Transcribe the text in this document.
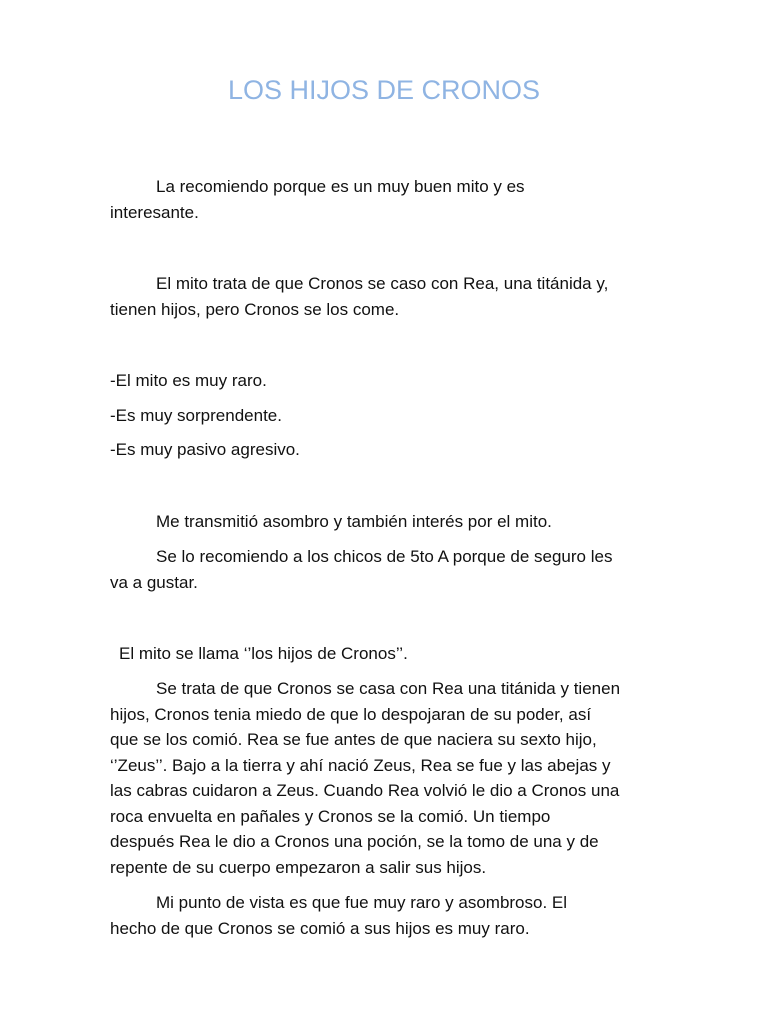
LOS HIJOS DE CRONOS
La recomiendo porque es un muy buen mito y es
interesante.
El mito trata de que Cronos se caso con Rea, una titánida y,
tienen hijos, pero Cronos se los come.
-El mito es muy raro.
-Es muy sorprendente.
-Es muy pasivo agresivo.
Me transmitió asombro y también interés por el mito.
Se lo recomiendo a los chicos de 5to A porque de seguro les
va a gustar.
El mito se llama ‘’los hijos de Cronos’’.
Se trata de que Cronos se casa con Rea una titánida y tienen
hijos, Cronos tenia miedo de que lo despojaran de su poder, así
que se los comió. Rea se fue antes de que naciera su sexto hijo,
‘’Zeus’’. Bajo a la tierra y ahí nació Zeus, Rea se fue y las abejas y
las cabras cuidaron a Zeus. Cuando Rea volvió le dio a Cronos una
roca envuelta en pañales y Cronos se la comió. Un tiempo
después Rea le dio a Cronos una poción, se la tomo de una y de
repente de su cuerpo empezaron a salir sus hijos.
Mi punto de vista es que fue muy raro y asombroso. El
hecho de que Cronos se comió a sus hijos es muy raro.
